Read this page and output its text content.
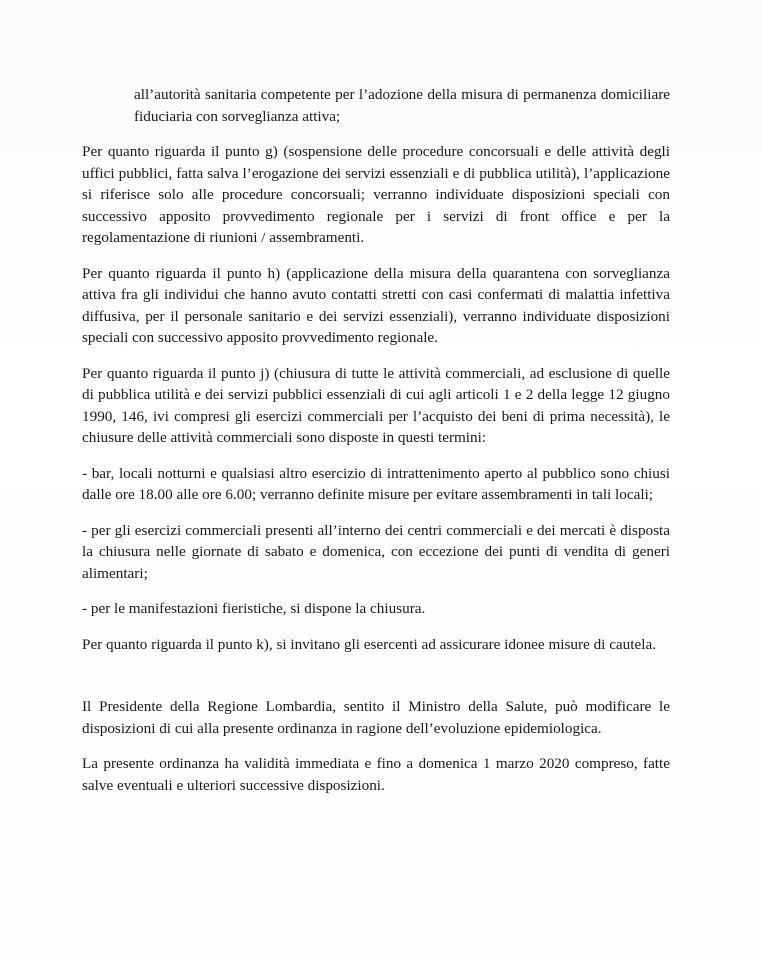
all’autorità sanitaria competente per l’adozione della misura di permanenza domiciliare fiduciaria con sorveglianza attiva;

Per quanto riguarda il punto g) (sospensione delle procedure concorsuali e delle attività degli uffici pubblici, fatta salva l’erogazione dei servizi essenziali e di pubblica utilità), l’applicazione si riferisce solo alle procedure concorsuali; verranno individuate disposizioni speciali con successivo apposito provvedimento regionale per i servizi di front office e per la regolamentazione di riunioni / assembramenti.

Per quanto riguarda il punto h) (applicazione della misura della quarantena con sorveglianza attiva fra gli individui che hanno avuto contatti stretti con casi confermati di malattia infettiva diffusiva, per il personale sanitario e dei servizi essenziali), verranno individuate disposizioni speciali con successivo apposito provvedimento regionale.

Per quanto riguarda il punto j) (chiusura di tutte le attività commerciali, ad esclusione di quelle di pubblica utilità e dei servizi pubblici essenziali di cui agli articoli 1 e 2 della legge 12 giugno 1990, 146, ivi compresi gli esercizi commerciali per l’acquisto dei beni di prima necessità), le chiusure delle attività commerciali sono disposte in questi termini:

- bar, locali notturni e qualsiasi altro esercizio di intrattenimento aperto al pubblico sono chiusi dalle ore 18.00 alle ore 6.00; verranno definite misure per evitare assembramenti in tali locali;

- per gli esercizi commerciali presenti all’interno dei centri commerciali e dei mercati è disposta la chiusura nelle giornate di sabato e domenica, con eccezione dei punti di vendita di generi alimentari;

- per le manifestazioni fieristiche, si dispone la chiusura.

Per quanto riguarda il punto k), si invitano gli esercenti ad assicurare idonee misure di cautela.

Il Presidente della Regione Lombardia, sentito il Ministro della Salute, può modificare le disposizioni di cui alla presente ordinanza in ragione dell’evoluzione epidemiologica.

La presente ordinanza ha validità immediata e fino a domenica 1 marzo 2020 compreso, fatte salve eventuali e ulteriori successive disposizioni.
